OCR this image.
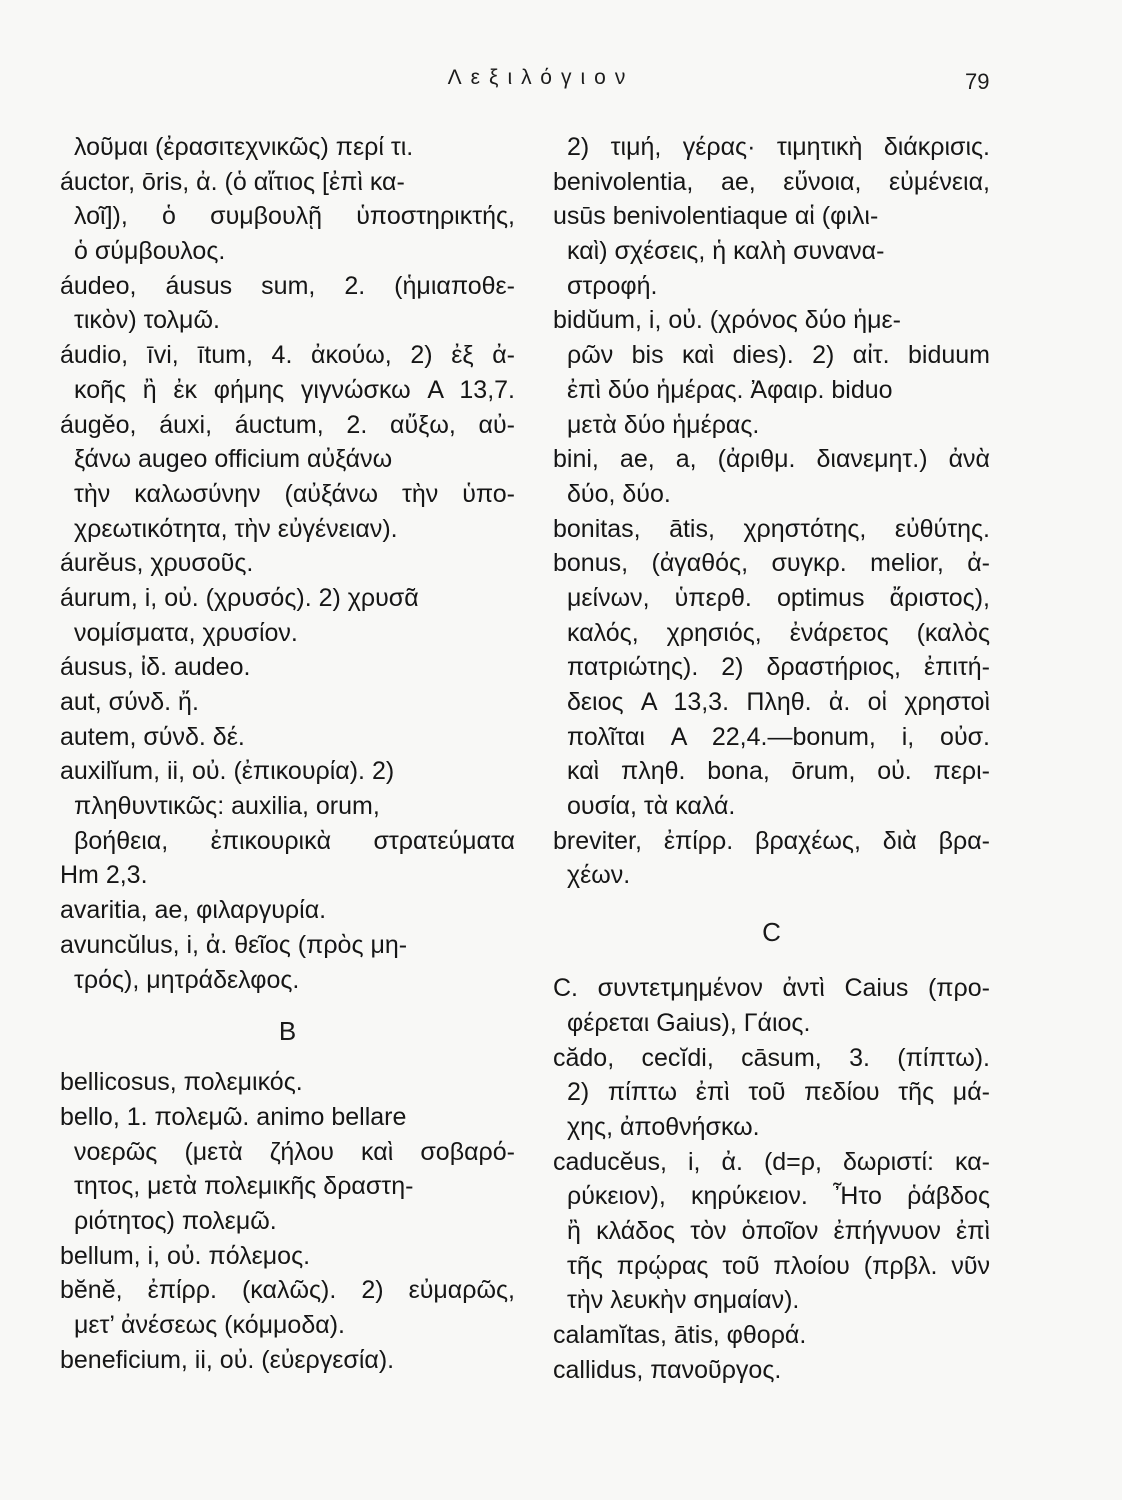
Λεξιλόγιον	79
λοῦμαι (ἐρασιτεχνικῶς) περί τι.
áuctor, ōris, ἀ. (ὁ αἴτιος [ἐπὶ κα-
λοῖ]), ὁ συμβουλῇ ὑποστηρικτής,
ὁ σύμβουλος.
áudeo, áusus sum, 2. (ἡμιαποθε-
τικὸν) τολμῶ.
áudio, īvi, ītum, 4. ἀκούω, 2) ἐξ ἀ-
κοῆς ἢ ἐκ φήμης γιγνώσκω A 13,7.
áugĕo, áuxi, áuctum, 2. αὔξω, αὐ-
ξάνω augeo officium αὐξάνω
τὴν καλωσύνην (αὐξάνω τὴν ὑπο-
χρεωτικότητα, τὴν εὐγένειαν).
áurĕus, χρυσοῦς.
áurum, i, οὐ. (χρυσός). 2) χρυσᾶ
νομίσματα, χρυσίον.
áusus, ἰδ. audeo.
aut, σύνδ. ἤ.
autem, σύνδ. δέ.
auxilĭum, ii, οὐ. (ἐπικουρία). 2)
πληθυντικῶς: auxilia, orum,
βοήθεια, ἐπικουρικὰ στρατεύματα
Hm 2,3.
avaritia, ae, φιλαργυρία.
avuncŭlus, i, ἀ. θεῖος (πρὸς μη-
τρός), μητράδελφος.
B
bellicosus, πολεμικός.
bello, 1. πολεμῶ. animo bellare
νοερῶς (μετὰ ζήλου καὶ σοβαρό-
τητος, μετὰ πολεμικῆς δραστη-
ριότητος) πολεμῶ.
bellum, i, οὐ. πόλεμος.
bĕnĕ, ἐπίρρ. (καλῶς). 2) εὐμαρῶς,
μετ’ ἀνέσεως (κόμμοδα).
beneficium, ii, οὐ. (εὐεργεσία).
2) τιμή, γέρας· τιμητικὴ διάκρισις.
benivolentia, ae, εὔνοια, εὐμένεια,
usūs benivolentiaque αἱ (φιλι-
καὶ) σχέσεις, ἡ καλὴ συνανα-
στροφή.
bidŭum, i, οὐ. (χρόνος δύο ἡμε-
ρῶν bis καὶ dies). 2) αἰτ. biduum
ἐπὶ δύο ἡμέρας. Ἀφαιρ. biduo
μετὰ δύο ἡμέρας.
bini, ae, a, (ἀριθμ. διανεμητ.) ἀνὰ
δύο, δύο.
bonitas, ātis, χρηστότης, εὐθύτης.
bonus, (ἀγαθός, συγκρ. melior, ἀ-
μείνων, ὑπερθ. optimus ἄριστος),
καλός, χρησιός, ἐνάρετος (καλὸς
πατριώτης). 2) δραστήριος, ἐπιτή-
δειος A 13,3. Πληθ. ἀ. οἱ χρηστοὶ
πολῖται A 22,4.—bonum, i, οὐσ.
καὶ πληθ. bona, ōrum, οὐ. περι-
ουσία, τὰ καλά.
breviter, ἐπίρρ. βραχέως, διὰ βρα-
χέων.
C
C. συντετμημένον ἀντὶ Caius (προ-
φέρεται Gaius), Γάιος.
cădo, cecĭdi, cāsum, 3. (πίπτω).
2) πίπτω ἐπὶ τοῦ πεδίου τῆς μά-
χης, ἀποθνήσκω.
caducĕus, i, ἀ. (d=ρ, δωριστί: κα-
ρύκειον), κηρύκειον. Ἦτο ῥάβδος
ἢ κλάδος τὸν ὁποῖον ἐπήγνυον ἐπὶ
τῆς πρῴρας τοῦ πλοίου (πρβλ. νῦν
τὴν λευκὴν σημαίαν).
calamĭtas, ātis, φθορά.
callidus, πανοῦργος.
